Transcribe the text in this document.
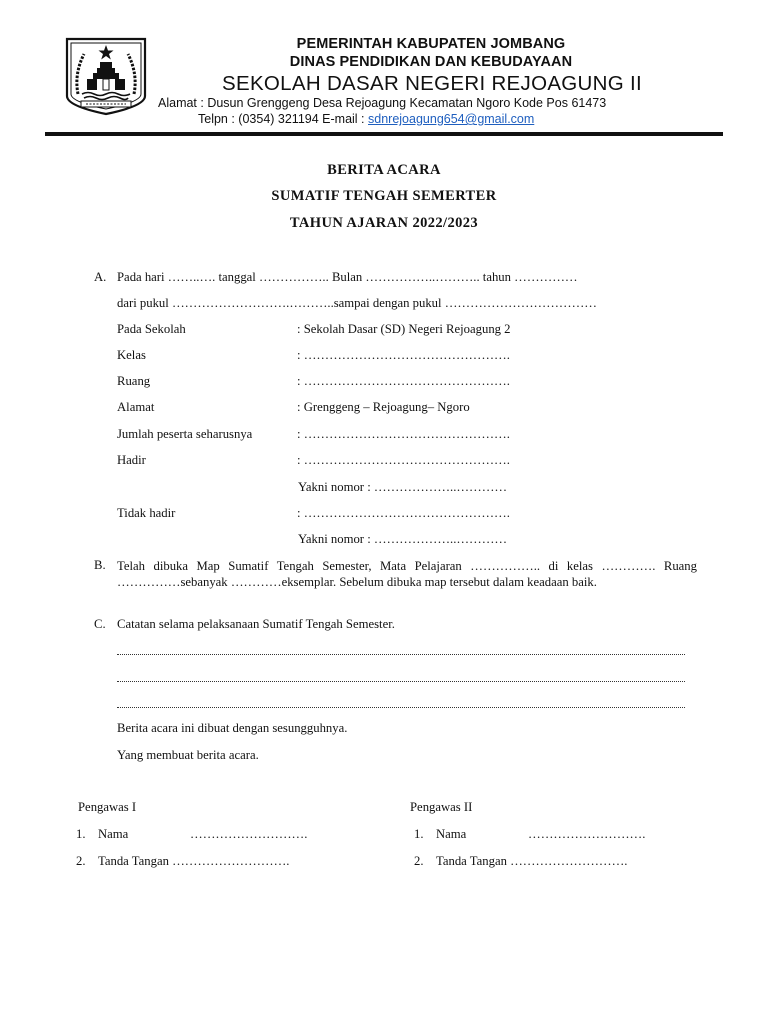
PEMERINTAH KABUPATEN JOMBANG
DINAS PENDIDIKAN DAN KEBUDAYAAN
SEKOLAH DASAR NEGERI REJOAGUNG II
Alamat : Dusun Grenggeng Desa Rejoagung Kecamatan Ngoro Kode Pos 61473
Telpn : (0354) 321194 E-mail : sdnrejoagung654@gmail.com
BERITA ACARA
SUMATIF TENGAH SEMERTER
TAHUN AJARAN 2022/2023
A. Pada hari ……..…. tanggal …………….. Bulan ……………..……….. tahun ……………
dari pukul ……………………….………..sampai dengan pukul ………………………………
Pada Sekolah	: Sekolah Dasar (SD) Negeri Rejoagung 2
Kelas	: ………………………………………….
Ruang	: ………………………………………….
Alamat	: Grenggeng – Rejoagung– Ngoro
Jumlah peserta seharusnya	: ………………………………………….
Hadir	: ………………………………………….
Yakni nomor : ………………..…………
Tidak hadir	: ………………………………………….
Yakni nomor : ………………..…………
B. Telah dibuka Map Sumatif Tengah Semester, Mata Pelajaran …………….. di kelas …………. Ruang ……………sebanyak …………eksemplar. Sebelum dibuka map tersebut dalam keadaan baik.
C. Catatan selama pelaksanaan Sumatif Tengah Semester.
Berita acara ini dibuat dengan sesungguhnya.
Yang membuat berita acara.
Pengawas I
1. Nama	……………………….
2. Tanda Tangan ……………………….
Pengawas II
1. Nama	……………………….
2. Tanda Tangan ……………………….
